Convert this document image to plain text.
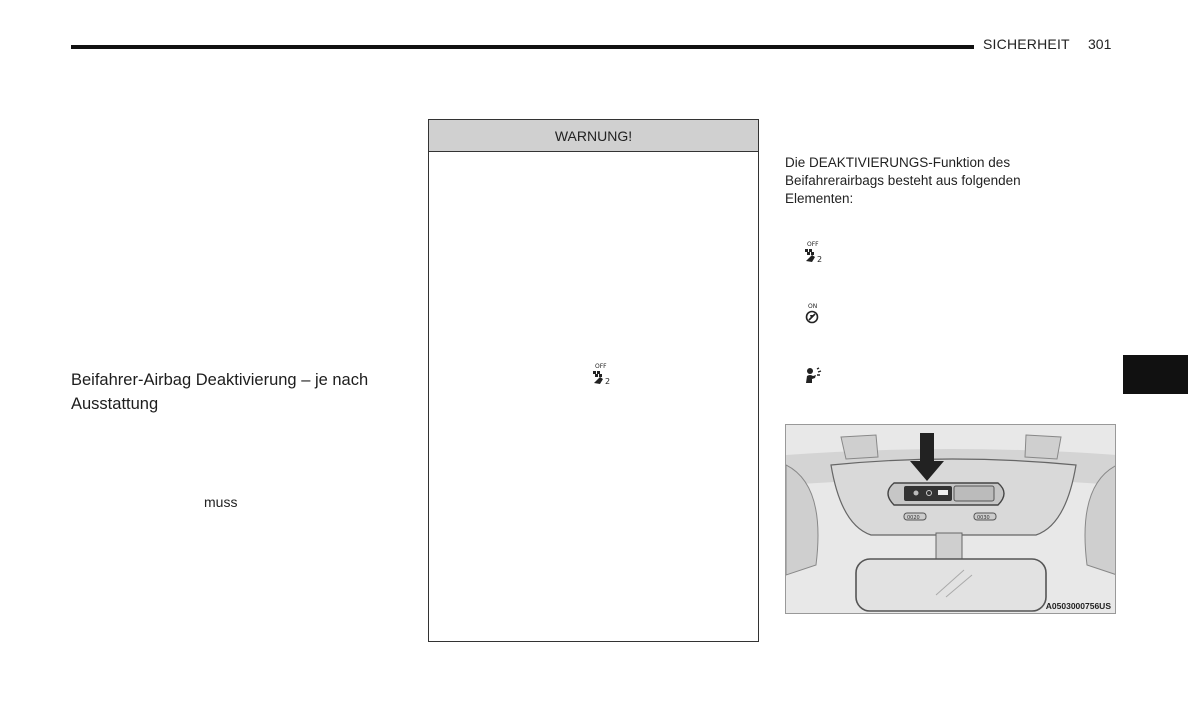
SICHERHEIT 301
Beifahrer-Airbag Deaktivierung – je nach Ausstattung
muss
WARNUNG!
OFF
2
Die DEAKTIVIERUNGS-Funktion des Beifahrerairbags besteht aus folgenden Elementen:
OFF
2
ON
0020	0030
A0503000756US
